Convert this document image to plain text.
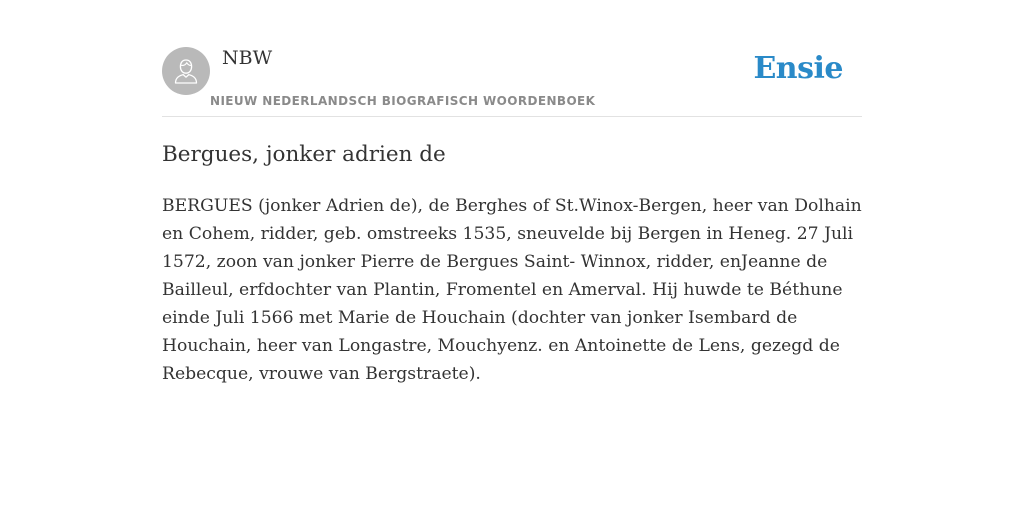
NBW
NIEUW NEDERLANDSCH BIOGRAFISCH WOORDENBOEK
Ensie
Bergues, jonker adrien de

BERGUES (jonker Adrien de), de Berghes of St.Winox-Bergen, heer van Dolhain en Cohem, ridder, geb. omstreeks 1535, sneuvelde bij Bergen in Heneg. 27 Juli 1572, zoon van jonker Pierre de Bergues Saint- Winnox, ridder, enJeanne de Bailleul, erfdochter van Plantin, Fromentel en Amerval. Hij huwde te Béthune einde Juli 1566 met Marie de Houchain (dochter van jonker Isembard de Houchain, heer van Longastre, Mouchyenz. en Antoinette de Lens, gezegd de Rebecque, vrouwe van Bergstraete).
